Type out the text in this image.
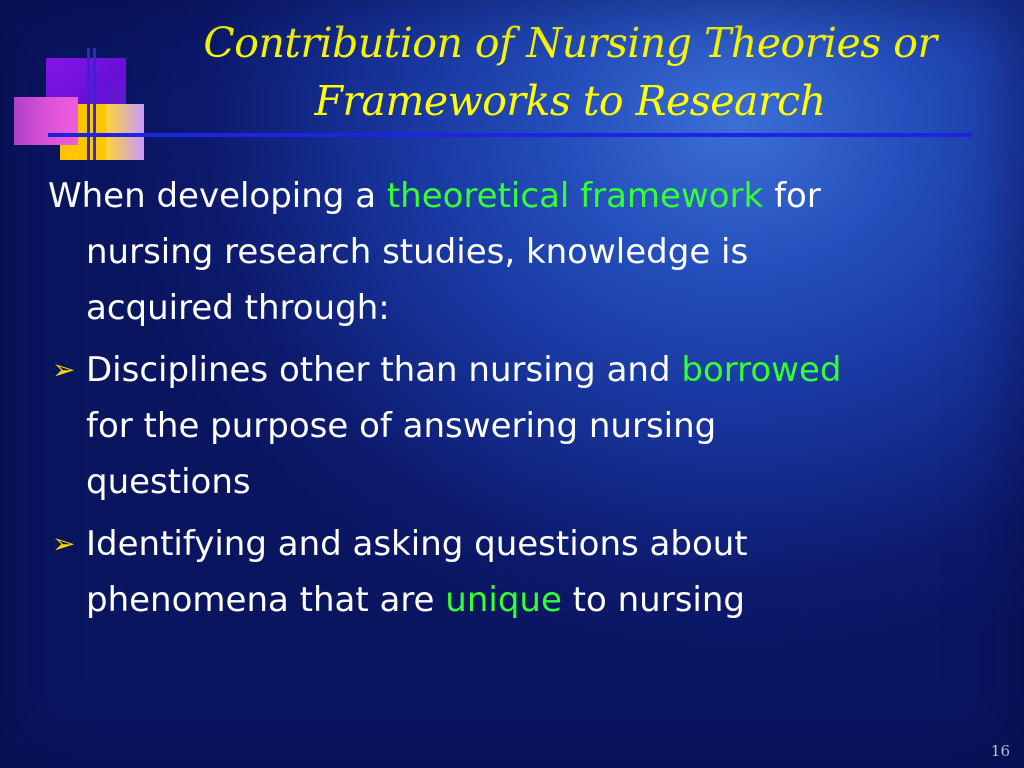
Contribution of Nursing Theories or
Frameworks to Research

When developing a theoretical framework for
nursing research studies, knowledge is
acquired through:

➢ Disciplines other than nursing and borrowed
for the purpose of answering nursing
questions

➢ Identifying and asking questions about
phenomena that are unique to nursing

16
